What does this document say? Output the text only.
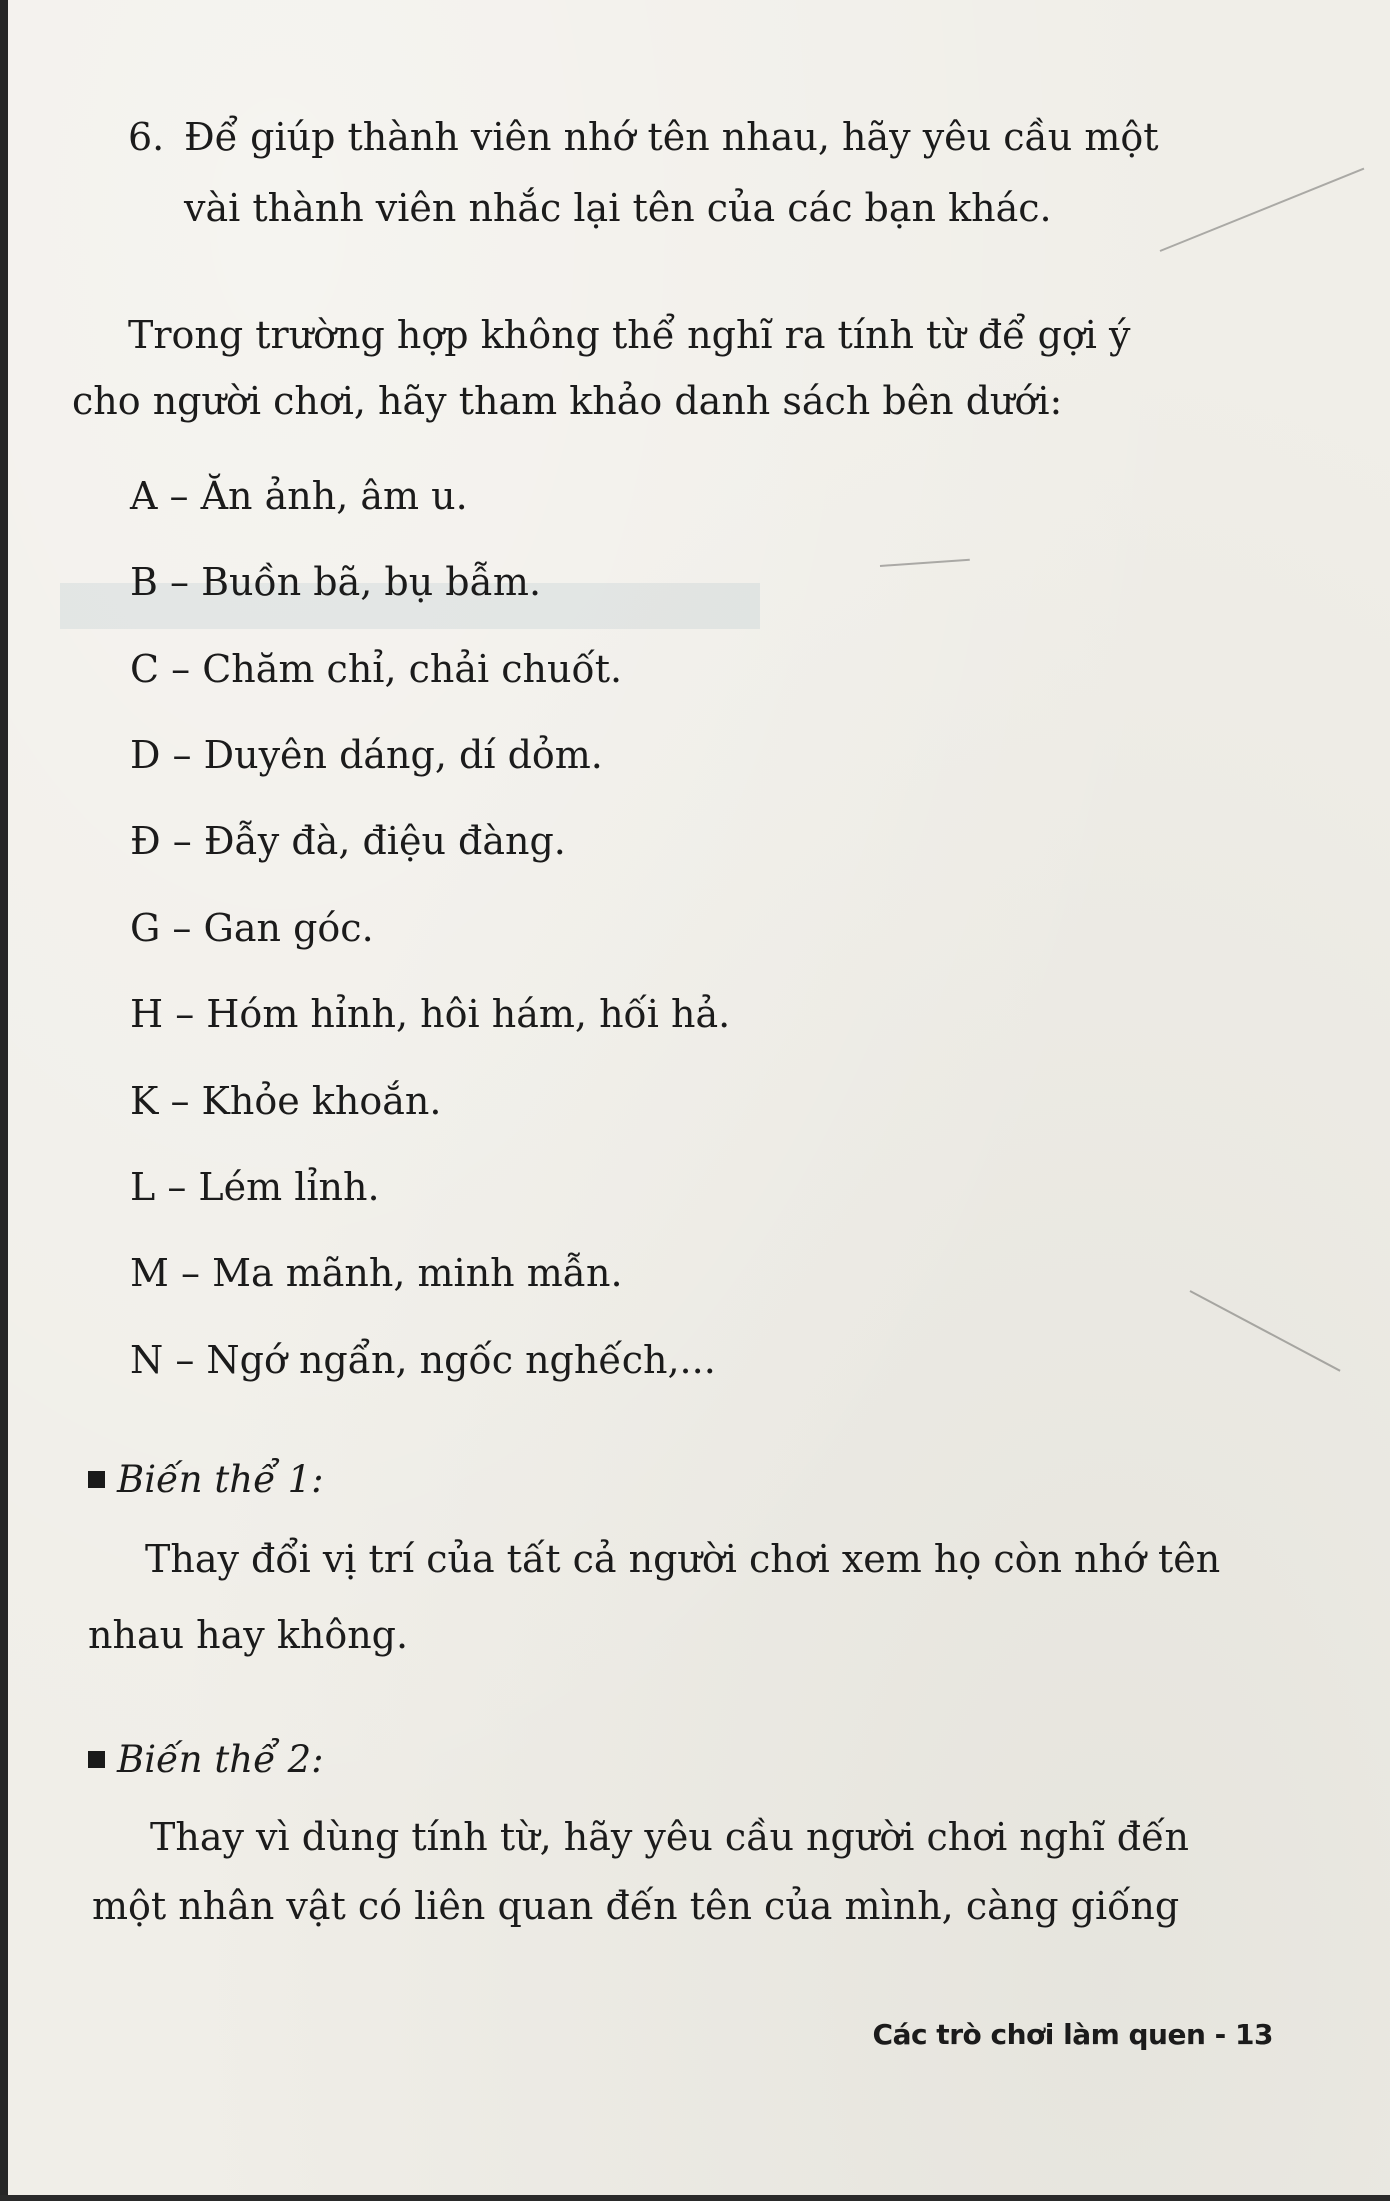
6. Để giúp thành viên nhớ tên nhau, hãy yêu cầu một
vài thành viên nhắc lại tên của các bạn khác.
Trong trường hợp không thể nghĩ ra tính từ để gợi ý
cho người chơi, hãy tham khảo danh sách bên dưới:
A – Ăn ảnh, âm u.
B – Buồn bã, bụ bẫm.
C – Chăm chỉ, chải chuốt.
D – Duyên dáng, dí dỏm.
Đ – Đẫy đà, điệu đàng.
G – Gan góc.
H – Hóm hỉnh, hôi hám, hối hả.
K – Khỏe khoắn.
L – Lém lỉnh.
M – Ma mãnh, minh mẫn.
N – Ngớ ngẩn, ngốc nghếch,...
Biến thể 1:
Thay đổi vị trí của tất cả người chơi xem họ còn nhớ tên
nhau hay không.
Biến thể 2:
Thay vì dùng tính từ, hãy yêu cầu người chơi nghĩ đến
một nhân vật có liên quan đến tên của mình, càng giống
Các trò chơi làm quen - 13
